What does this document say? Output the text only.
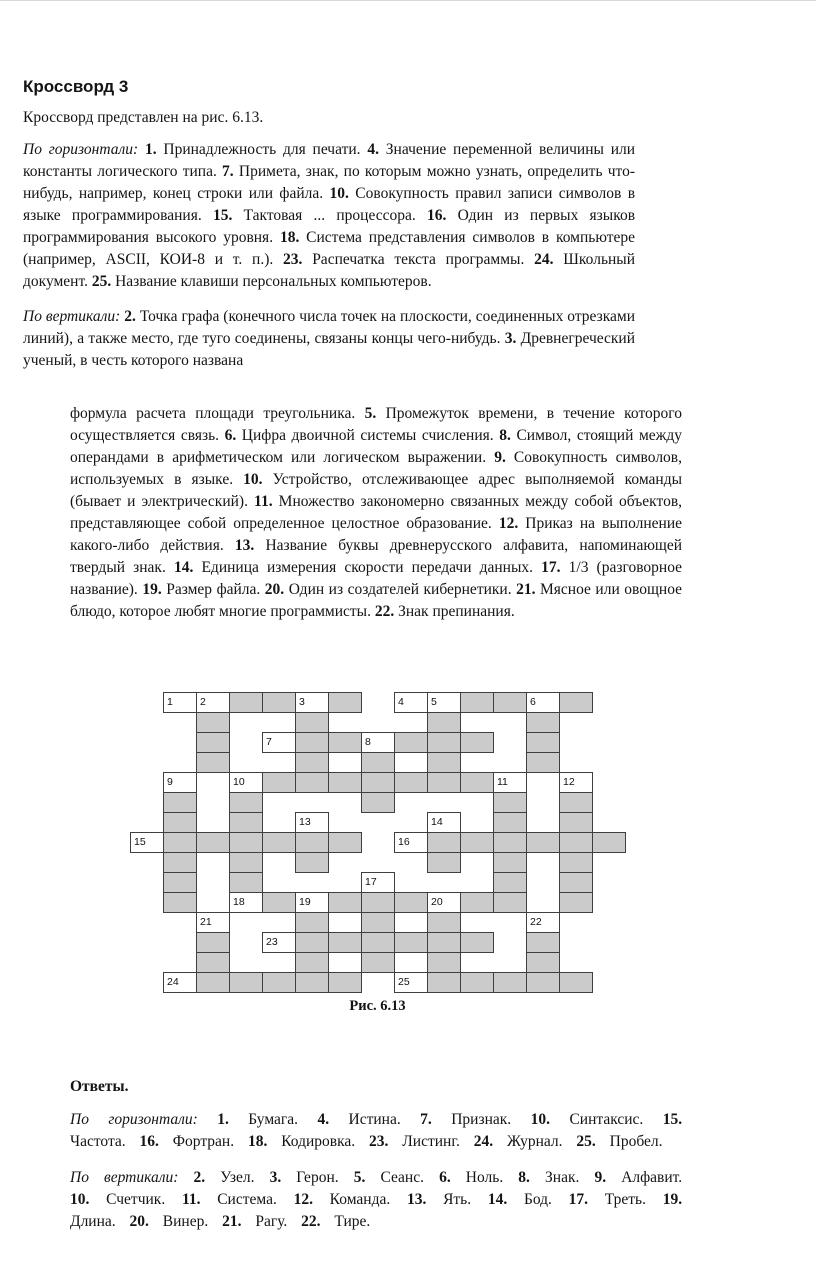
Кроссворд 3

Кроссворд представлен на рис. 6.13.

По горизонтали: 1. Принадлежность для печати. 4. Значение переменной величины или константы логического типа. 7. Примета, знак, по которым можно узнать, определить что-нибудь, например, конец строки или файла. 10. Совокупность правил записи символов в языке программирования. 15. Тактовая ... процессора. 16. Один из первых языков программирования высокого уровня. 18. Система представления символов в компьютере (например, ASCII, КОИ-8 и т. п.). 23. Распечатка текста программы. 24. Школьный документ. 25. Название клавиши персональных компьютеров.

По вертикали: 2. Точка графа (конечного числа точек на плоскости, соединенных отрезками линий), а также место, где туго соединены, связаны концы чего-нибудь. 3. Древнегреческий ученый, в честь которого названа

формула расчета площади треугольника. 5. Промежуток времени, в течение которого осуществляется связь. 6. Цифра двоичной системы счисления. 8. Символ, стоящий между операндами в арифметическом или логическом выражении. 9. Совокупность символов, используемых в языке. 10. Устройство, отслеживающее адрес выполняемой команды (бывает и электрический). 11. Множество закономерно связанных между собой объектов, представляющее собой определенное целостное образование. 12. Приказ на выполнение какого-либо действия. 13. Название буквы древнерусского алфавита, напоминающей твердый знак. 14. Единица измерения скорости передачи данных. 17. 1/3 (разговорное название). 19. Размер файла. 20. Один из создателей кибернетики. 21. Мясное или овощное блюдо, которое любят многие программисты. 22. Знак препинания.

1	2	3	4	5	6
7	8
9	10	11	12
13	14
15	16
17
18	19	20
21	22
23
24	25
Рис. 6.13

Ответы.

По горизонтали: 1. Бумага. 4. Истина. 7. Признак. 10. Синтаксис. 15. Частота. 16. Фортран. 18. Кодировка. 23. Листинг. 24. Журнал. 25. Пробел.

По вертикали: 2. Узел. 3. Герон. 5. Сеанс. 6. Ноль. 8. Знак. 9. Алфавит. 10. Счетчик. 11. Система. 12. Команда. 13. Ять. 14. Бод. 17. Треть. 19. Длина. 20. Винер. 21. Рагу. 22. Тире.
